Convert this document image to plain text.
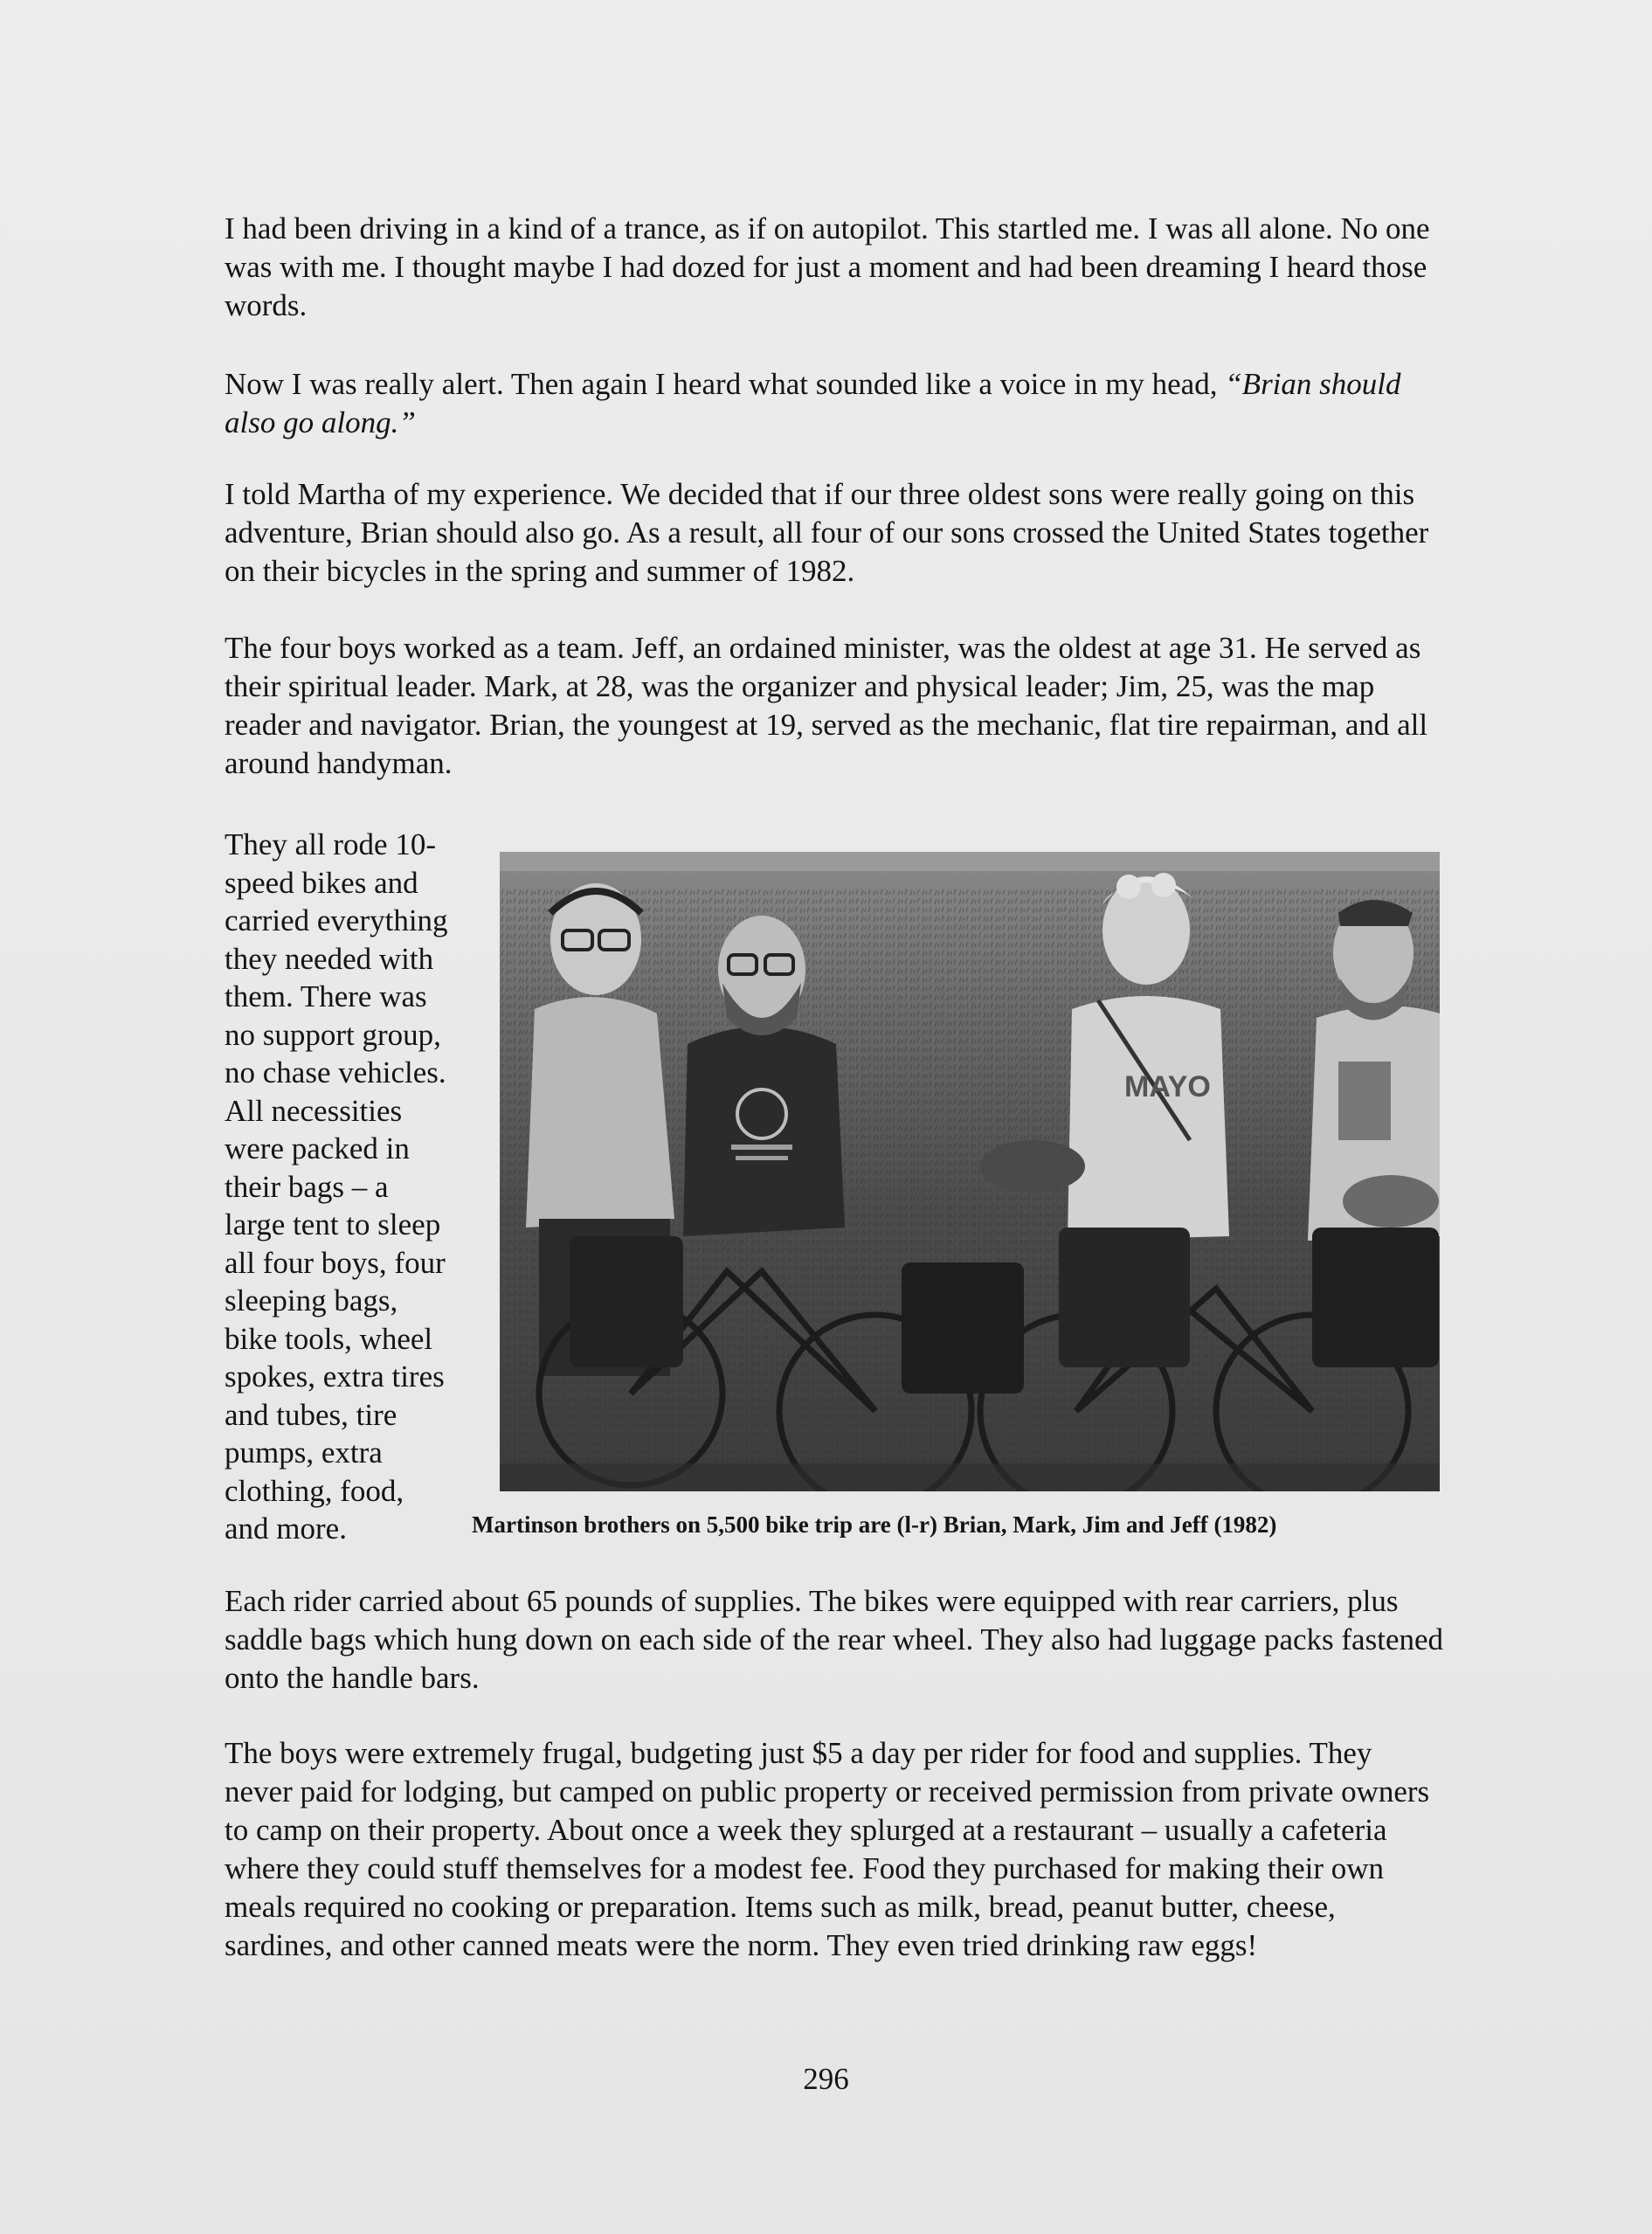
I had been driving in a kind of a trance, as if on autopilot. This startled me. I was all alone. No one was with me. I thought maybe I had dozed for just a moment and had been dreaming I heard those words.

Now I was really alert. Then again I heard what sounded like a voice in my head, “Brian should also go along.”

I told Martha of my experience. We decided that if our three oldest sons were really going on this adventure, Brian should also go. As a result, all four of our sons crossed the United States together on their bicycles in the spring and summer of 1982.

The four boys worked as a team. Jeff, an ordained minister, was the oldest at age 31. He served as their spiritual leader. Mark, at 28, was the organizer and physical leader; Jim, 25, was the map reader and navigator. Brian, the youngest at 19, served as the mechanic, flat tire repairman, and all around handyman.

They all rode 10-
speed bikes and
carried everything
they needed with
them. There was
no support group,
no chase vehicles.
All necessities
were packed in
their bags – a
large tent to sleep
all four boys, four
sleeping bags,
bike tools, wheel
spokes, extra tires
and tubes, tire
pumps, extra
clothing, food,
and more.
MAYO
Martinson brothers on 5,500 bike trip are (l-r) Brian, Mark, Jim and Jeff (1982)

Each rider carried about 65 pounds of supplies. The bikes were equipped with rear carriers, plus saddle bags which hung down on each side of the rear wheel. They also had luggage packs fastened onto the handle bars.

The boys were extremely frugal, budgeting just $5 a day per rider for food and supplies. They never paid for lodging, but camped on public property or received permission from private owners to camp on their property. About once a week they splurged at a restaurant – usually a cafeteria where they could stuff themselves for a modest fee. Food they purchased for making their own meals required no cooking or preparation. Items such as milk, bread, peanut butter, cheese, sardines, and other canned meats were the norm. They even tried drinking raw eggs!

296
